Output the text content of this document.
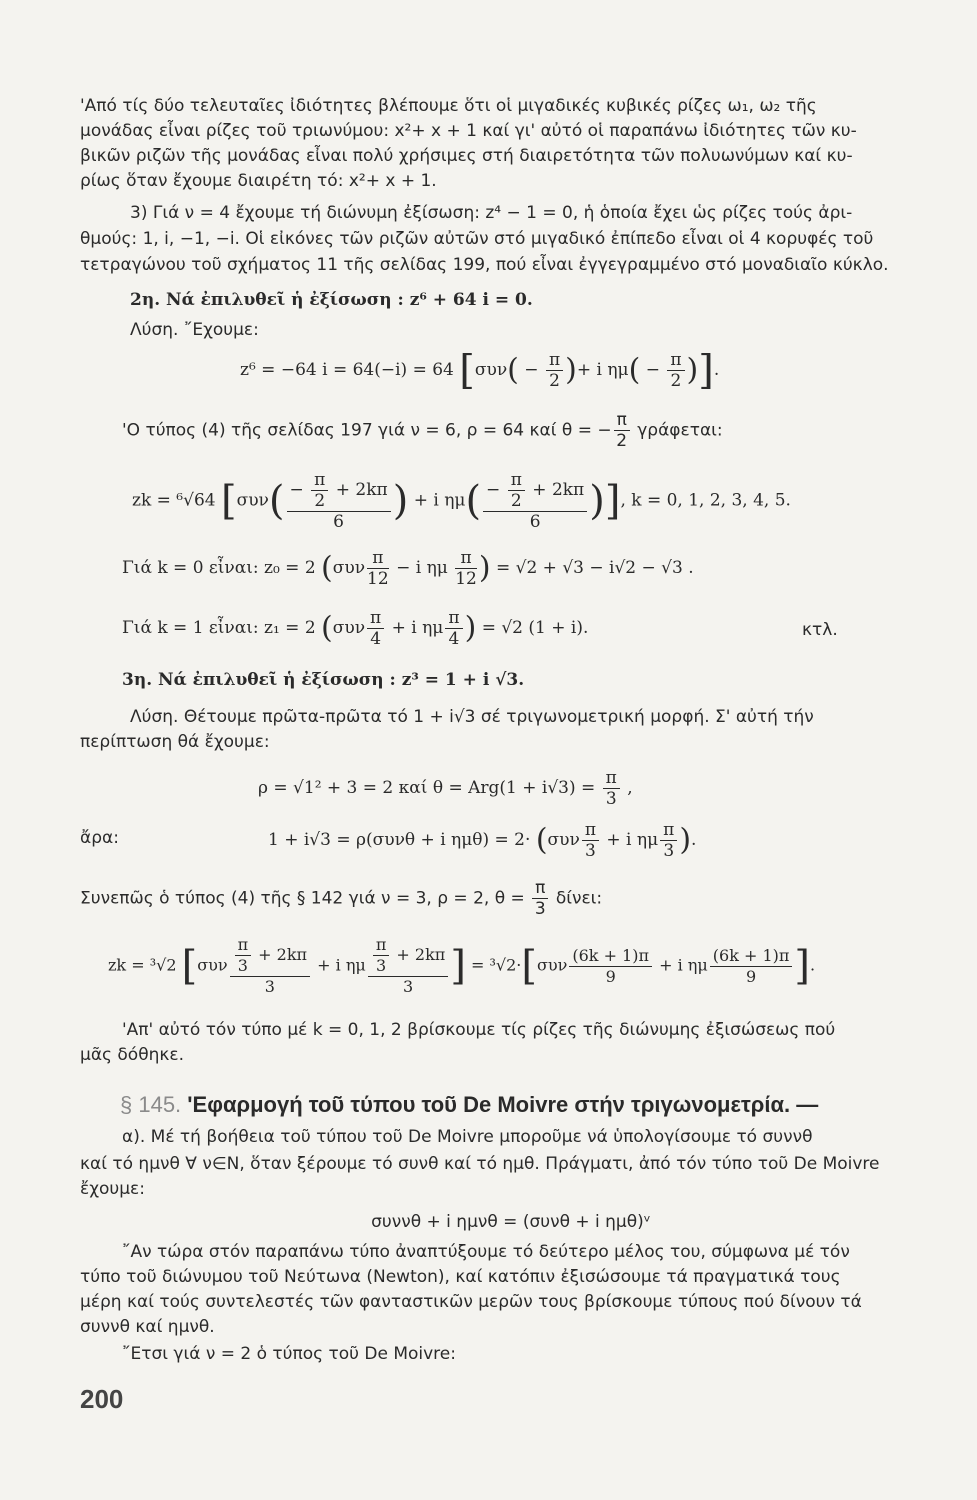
'Από τίς δύο τελευταῖες ἰδιότητες βλέπουμε ὅτι οἱ μιγαδικές κυβικές ρίζες ω₁, ω₂ τῆς
μονάδας εἶναι ρίζες τοῦ τριωνύμου: x²+ x + 1 καί γι' αὐτό οἱ παραπάνω ἰδιότητες τῶν κυ-
βικῶν ριζῶν τῆς μονάδας εἶναι πολύ χρήσιμες στή διαιρετότητα τῶν πολυωνύμων καί κυ-
ρίως ὅταν ἔχουμε διαιρέτη τό: x²+ x + 1.
3) Γιά ν = 4 ἔχουμε τή διώνυμη ἐξίσωση: z⁴ − 1 = 0, ἡ ὁποία ἔχει ὡς ρίζες τούς ἀρι-
θμούς: 1, i, −1, −i. Οἱ εἰκόνες τῶν ριζῶν αὐτῶν στό μιγαδικό ἐπίπεδο εἶναι οἱ 4 κορυφές τοῦ
τετραγώνου τοῦ σχήματος 11 τῆς σελίδας 199, πού εἶναι ἐγγεγραμμένο στό μοναδιαῖο κύκλο.
2η. Νά ἐπιλυθεῖ ἡ ἐξίσωση : z⁶ + 64 i = 0.
Λύση. ῎Εχουμε:
z⁶ = −64 i = 64(−i) = 64 [$\sigma\upsilon\nu( - \frac{\pi}{2}$ )+ i $\eta\mu( - \frac{\pi}{2}$ )].
'Ο τύπος (4) τῆς σελίδας 197 γιά ν = 6, ρ = 64 καί θ = − $\frac{\pi}{2} \gamma\rho ά\varphi\varepsilon\tau\alpha\iota$:
zk = ⁶√64 [$\sigma\upsilon\nu( \frac{- \frac{\pi}{2} + 2k\pi}{6}$ ) + i $\eta\mu( \frac{- \frac{\pi}{2} + 2k\pi}{6}$ )], k = 0, 1, 2, 3, 4, 5.
Γιά k = 0 εἶναι: z₀ = 2 ($\sigma\upsilon\nu \frac{\pi}{12} - i$ ημ $\frac{\pi}{12}$ ) = √2 + √3 − i√2 − √3 .
Γιά k = 1 εἶναι: z₁ = 2 ($\sigma\upsilon\nu \frac{\pi}{4} + i$ ημ $\frac{\pi}{4}$ ) = √2 (1 + i).	κτλ.
3η. Νά ἐπιλυθεῖ ἡ ἐξίσωση : z³ = 1 + i √3.
Λύση. Θέτουμε πρῶτα-πρῶτα τό 1 + i√3 σέ τριγωνομετρική μορφή. Σ' αὐτή τήν
περίπτωση θά ἔχουμε:
ρ = √1² + 3 = 2 καί $\theta = Arg(1 + i√3) = \frac{\pi}{3}$ ,
ἄρα:	1 + i√3 = ρ(συνθ + i $\eta\mu\theta) = 2\cdot (\sigma\upsilon\nu \frac{\pi}{3} + i$ ημ $\frac{\pi}{3}$ ).
Συνεπῶς ὁ τύπος (4) τῆς § 142 γιά ν = 3, ρ = 2, $\theta = \frac{\pi}{3} \delta ί\nu\varepsilon\iota$:
zk = ³√2 [$\sigma\upsilon\nu \frac{\frac{\pi}{3} + 2k\pi}{3} + i$ ημ $\frac{\frac{\pi}{3} + 2k\pi}{3}$ ] = $^3√2\cdot[\sigma\upsilon\nu \frac{(6k + 1)\pi}{9} + i$ ημ $\frac{(6k + 1)\pi}{9}$ ].
'Απ' αὐτό τόν τύπο μέ k = 0, 1, 2 βρίσκουμε τίς ρίζες τῆς διώνυμης ἐξισώσεως πού
μᾶς δόθηκε.
§ 145. 'Εφαρμογή τοῦ τύπου τοῦ De Moivre στήν τριγωνομετρία. —
α). Μέ τή βοήθεια τοῦ τύπου τοῦ De Moivre μποροῦμε νά ὑπολογίσουμε τό συννθ
καί τό ημνθ ∀ ν∈N, ὅταν ξέρουμε τό συνθ καί τό ημθ. Πράγματι, ἀπό τόν τύπο τοῦ De Moivre
ἔχουμε:
συννθ + i ημνθ = (συνθ + i ημθ)ᵛ
῎Αν τώρα στόν παραπάνω τύπο ἀναπτύξουμε τό δεύτερο μέλος του, σύμφωνα μέ τόν
τύπο τοῦ διώνυμου τοῦ Νεύτωνα (Newton), καί κατόπιν ἐξισώσουμε τά πραγματικά τους
μέρη καί τούς συντελεστές τῶν φανταστικῶν μερῶν τους βρίσκουμε τύπους πού δίνουν τά
συννθ καί ημνθ.
῎Ετσι γιά ν = 2 ὁ τύπος τοῦ De Moivre:
200
